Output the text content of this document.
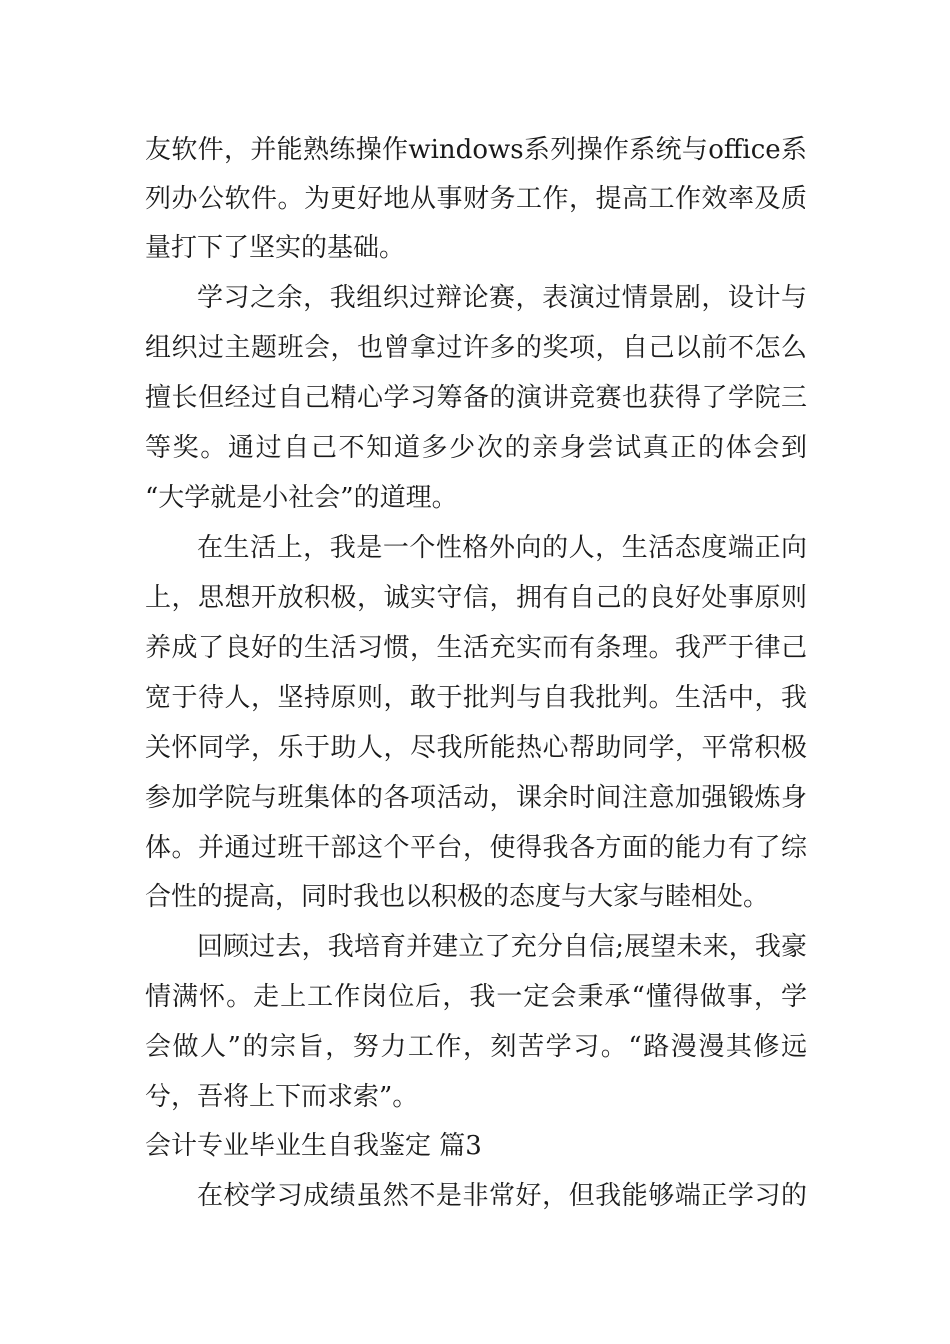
友软件，并能熟练操作windows系列操作系统与office系
列办公软件。为更好地从事财务工作，提高工作效率及质
量打下了坚实的基础。
学习之余，我组织过辩论赛，表演过情景剧，设计与
组织过主题班会，也曾拿过许多的奖项，自己以前不怎么
擅长但经过自己精心学习筹备的演讲竞赛也获得了学院三
等奖。通过自己不知道多少次的亲身尝试真正的体会到
“大学就是小社会”的道理。
在生活上，我是一个性格外向的人，生活态度端正向
上，思想开放积极，诚实守信，拥有自己的良好处事原则
养成了良好的生活习惯，生活充实而有条理。我严于律己
宽于待人，坚持原则，敢于批判与自我批判。生活中，我
关怀同学，乐于助人，尽我所能热心帮助同学，平常积极
参加学院与班集体的各项活动，课余时间注意加强锻炼身
体。并通过班干部这个平台，使得我各方面的能力有了综
合性的提高，同时我也以积极的态度与大家与睦相处。
回顾过去，我培育并建立了充分自信;展望未来，我豪
情满怀。走上工作岗位后，我一定会秉承“懂得做事，学
会做人”的宗旨，努力工作，刻苦学习。“路漫漫其修远
兮，吾将上下而求索”。
会计专业毕业生自我鉴定 篇3
在校学习成绩虽然不是非常好，但我能够端正学习的
